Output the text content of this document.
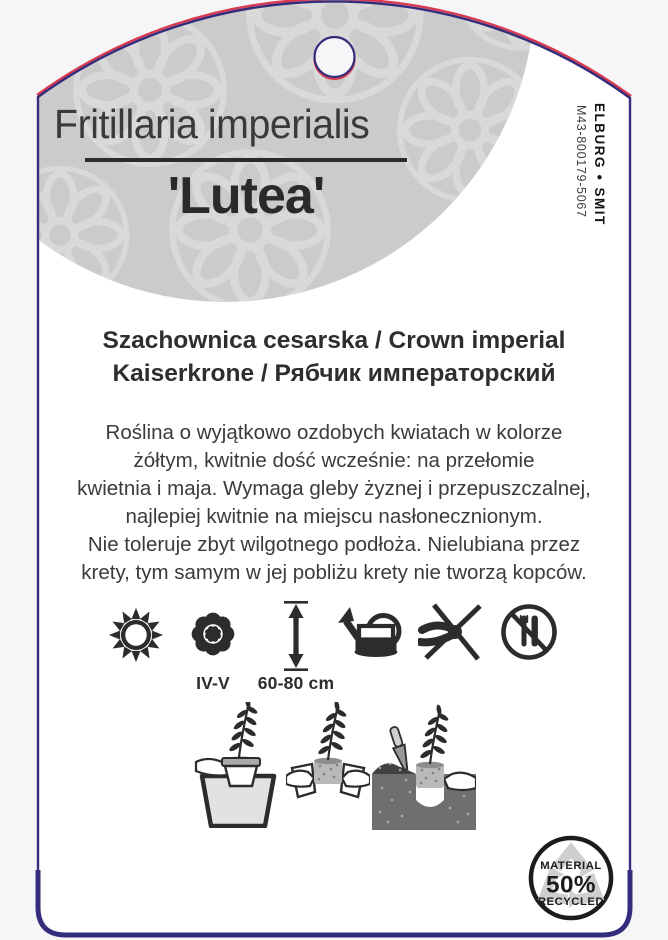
Fritillaria imperialis
'Lutea'
ELBURG●SMIT
M43-800179-5067
Szachownica cesarska / Crown imperial
Kaiserkrone / Рябчик императорский
Roślina o wyjątkowo ozdobych kwiatach w kolorze
żółtym, kwitnie dość wcześnie: na przełomie
kwietnia i maja. Wymaga gleby żyznej i przepuszczalnej,
najlepiej kwitnie na miejscu nasłonecznionym.
Nie toleruje zbyt wilgotnego podłoża. Nielubiana przez
krety, tym samym w jej pobliżu krety nie tworzą kopców.
IV-V	60-80 cm
MATERIAL
50%
RECYCLED
